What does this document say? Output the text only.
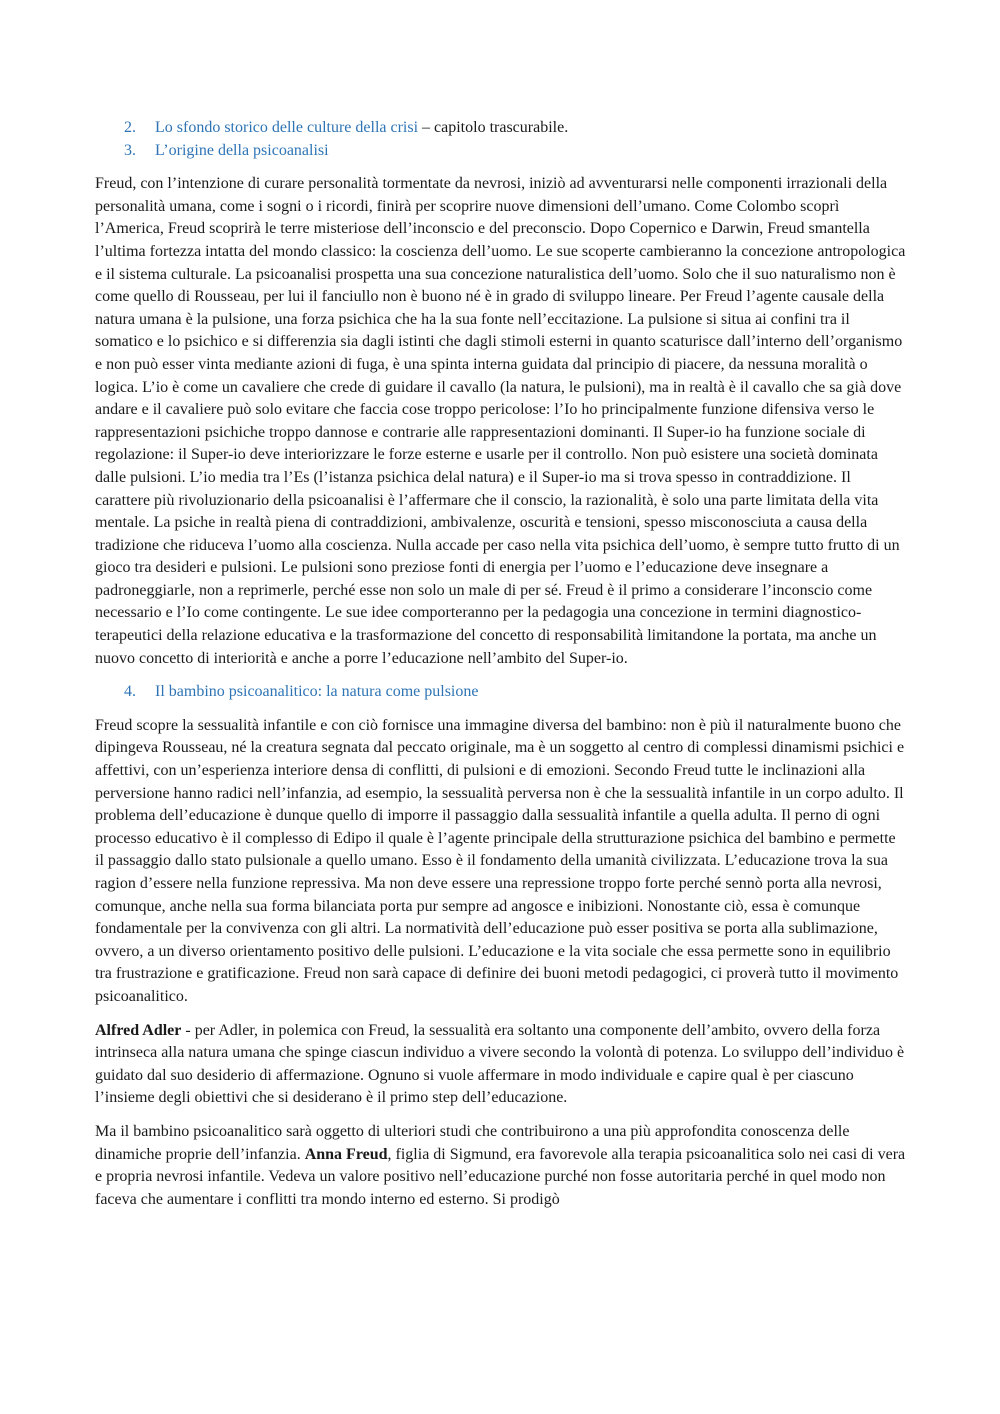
2.	Lo sfondo storico delle culture della crisi – capitolo trascurabile.
3.	L’origine della psicoanalisi

Freud, con l’intenzione di curare personalità tormentate da nevrosi, iniziò ad avventurarsi nelle componenti irrazionali della personalità umana, come i sogni o i ricordi, finirà per scoprire nuove dimensioni dell’umano. Come Colombo scoprì l’America, Freud scoprirà le terre misteriose dell’inconscio e del preconscio. Dopo Copernico e Darwin, Freud smantella l’ultima fortezza intatta del mondo classico: la coscienza dell’uomo. Le sue scoperte cambieranno la concezione antropologica e il sistema culturale. La psicoanalisi prospetta una sua concezione naturalistica dell’uomo. Solo che il suo naturalismo non è come quello di Rousseau, per lui il fanciullo non è buono né è in grado di sviluppo lineare. Per Freud l’agente causale della natura umana è la pulsione, una forza psichica che ha la sua fonte nell’eccitazione. La pulsione si situa ai confini tra il somatico e lo psichico e si differenzia sia dagli istinti che dagli stimoli esterni in quanto scaturisce dall’interno dell’organismo e non può esser vinta mediante azioni di fuga, è una spinta interna guidata dal principio di piacere, da nessuna moralità o logica. L’io è come un cavaliere che crede di guidare il cavallo (la natura, le pulsioni), ma in realtà è il cavallo che sa già dove andare e il cavaliere può solo evitare che faccia cose troppo pericolose: l’Io ho principalmente funzione difensiva verso le rappresentazioni psichiche troppo dannose e contrarie alle rappresentazioni dominanti. Il Super-io ha funzione sociale di regolazione: il Super-io deve interiorizzare le forze esterne e usarle per il controllo. Non può esistere una società dominata dalle pulsioni. L’io media tra l’Es (l’istanza psichica delal natura) e il Super-io ma si trova spesso in contraddizione. Il carattere più rivoluzionario della psicoanalisi è l’affermare che il conscio, la razionalità, è solo una parte limitata della vita mentale. La psiche in realtà piena di contraddizioni, ambivalenze, oscurità e tensioni, spesso misconosciuta a causa della tradizione che riduceva l’uomo alla coscienza. Nulla accade per caso nella vita psichica dell’uomo, è sempre tutto frutto di un gioco tra desideri e pulsioni. Le pulsioni sono preziose fonti di energia per l’uomo e l’educazione deve insegnare a padroneggiarle, non a reprimerle, perché esse non solo un male di per sé. Freud è il primo a considerare l’inconscio come necessario e l’Io come contingente. Le sue idee comporteranno per la pedagogia una concezione in termini diagnostico-terapeutici della relazione educativa e la trasformazione del concetto di responsabilità limitandone la portata, ma anche un nuovo concetto di interiorità e anche a porre l’educazione nell’ambito del Super-io.

4.	Il bambino psicoanalitico: la natura come pulsione

Freud scopre la sessualità infantile e con ciò fornisce una immagine diversa del bambino: non è più il naturalmente buono che dipingeva Rousseau, né la creatura segnata dal peccato originale, ma è un soggetto al centro di complessi dinamismi psichici e affettivi, con un’esperienza interiore densa di conflitti, di pulsioni e di emozioni. Secondo Freud tutte le inclinazioni alla perversione hanno radici nell’infanzia, ad esempio, la sessualità perversa non è che la sessualità infantile in un corpo adulto. Il problema dell’educazione è dunque quello di imporre il passaggio dalla sessualità infantile a quella adulta. Il perno di ogni processo educativo è il complesso di Edipo il quale è l’agente principale della strutturazione psichica del bambino e permette il passaggio dallo stato pulsionale a quello umano. Esso è il fondamento della umanità civilizzata. L’educazione trova la sua ragion d’essere nella funzione repressiva. Ma non deve essere una repressione troppo forte perché sennò porta alla nevrosi, comunque, anche nella sua forma bilanciata porta pur sempre ad angosce e inibizioni. Nonostante ciò, essa è comunque fondamentale per la convivenza con gli altri. La normatività dell’educazione può esser positiva se porta alla sublimazione, ovvero, a un diverso orientamento positivo delle pulsioni. L’educazione e la vita sociale che essa permette sono in equilibrio tra frustrazione e gratificazione. Freud non sarà capace di definire dei buoni metodi pedagogici, ci proverà tutto il movimento psicoanalitico.

Alfred Adler - per Adler, in polemica con Freud, la sessualità era soltanto una componente dell’ambito, ovvero della forza intrinseca alla natura umana che spinge ciascun individuo a vivere secondo la volontà di potenza. Lo sviluppo dell’individuo è guidato dal suo desiderio di affermazione. Ognuno si vuole affermare in modo individuale e capire qual è per ciascuno l’insieme degli obiettivi che si desiderano è il primo step dell’educazione.

Ma il bambino psicoanalitico sarà oggetto di ulteriori studi che contribuirono a una più approfondita conoscenza delle dinamiche proprie dell’infanzia. Anna Freud, figlia di Sigmund, era favorevole alla terapia psicoanalitica solo nei casi di vera e propria nevrosi infantile. Vedeva un valore positivo nell’educazione purché non fosse autoritaria perché in quel modo non faceva che aumentare i conflitti tra mondo interno ed esterno. Si prodigò
